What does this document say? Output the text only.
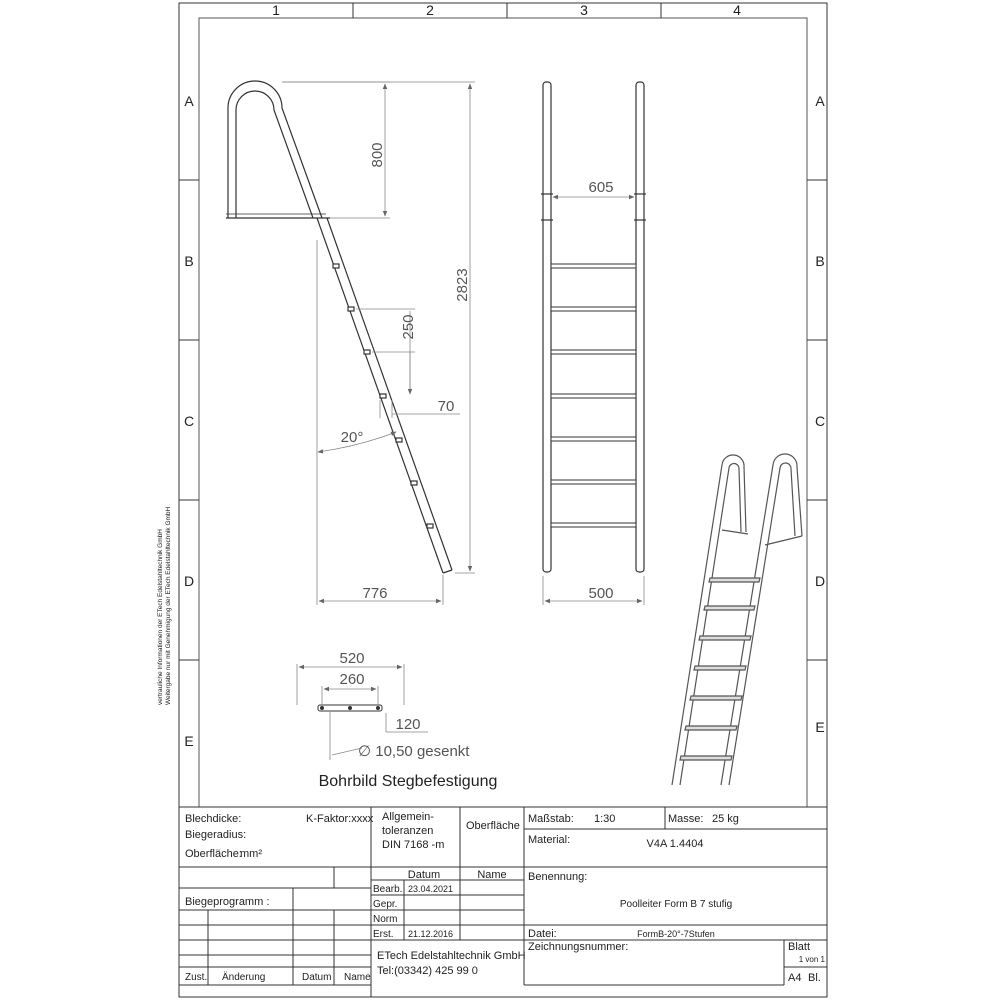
1	2	3	4
A
B
C
D
E
A
B
C
D
E
vertrauliche Informationen der ETech Edelstahltechnik GmbH Weitergabe nur mit Genehmigung der ETech Edelstahltechnik GmbH
800
2823
250
70
20°
776
605
500
520
260
120
∅ 10,50 gesenkt
Bohrbild Stegbefestigung
Blechdicke:	K-Faktor:xxxx
Biegeradius:
Oberfläche:
mm²
Allgemein-
toleranzen
DIN 7168 -m
Oberfläche
Maßstab: 1:30	Masse: 25 kg
Material:	V4A 1.4404
Datum	Name
Bearb. 23.04.2021
Gepr.
Norm
Erst. 21.12.2016
Biegeprogramm :
Benennung:
Poolleiter Form B 7 stufig
Datei:	FormB-20°-7Stufen
ETech Edelstahltechnik GmbH
Tel:(03342) 425 99 0
Zeichnungsnummer:	Blatt
1 von 1
A4 Bl.
Zust. Änderung	Datum Name
